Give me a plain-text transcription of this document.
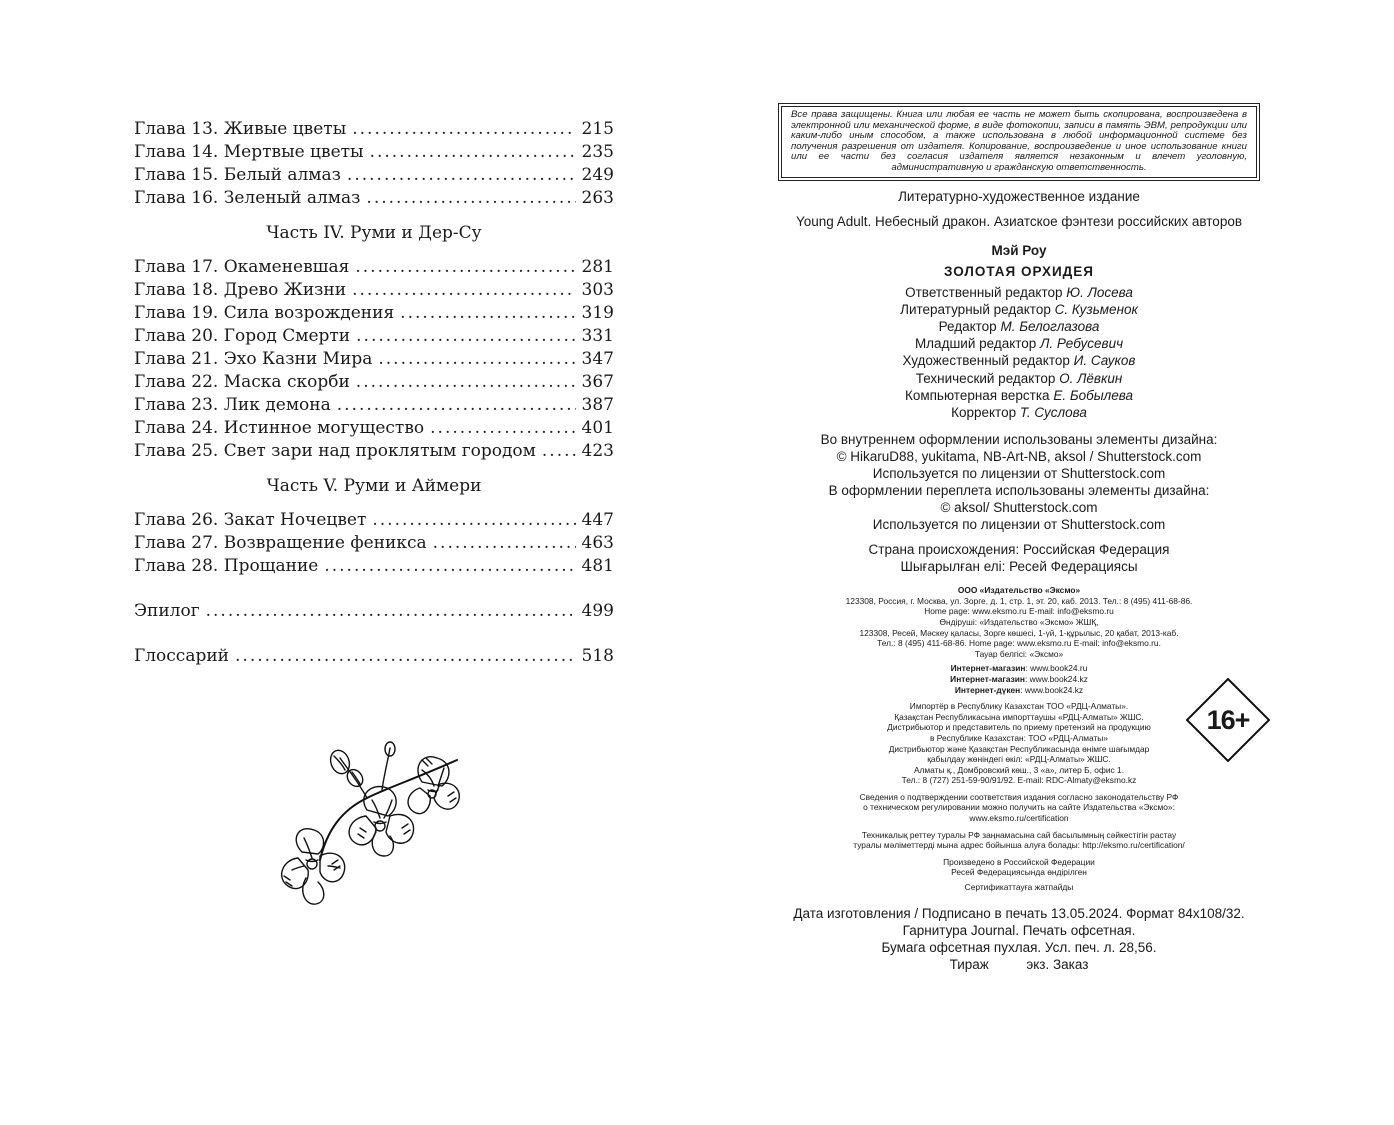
Глава 13. Живые цветы .....	215
Глава 14. Мертвые цветы .....	235
Глава 15. Белый алмаз .....	249
Глава 16. Зеленый алмаз .....	263
Часть IV. Руми и Дер-Су
Глава 17. Окаменевшая .....	281
Глава 18. Древо Жизни .....	303
Глава 19. Сила возрождения .....	319
Глава 20. Город Смерти .....	331
Глава 21. Эхо Казни Мира .....	347
Глава 22. Маска скорби .....	367
Глава 23. Лик демона .....	387
Глава 24. Истинное могущество .....	401
Глава 25. Свет зари над проклятым городом .....	423
Часть V. Руми и Аймери
Глава 26. Закат Ночецвет .....	447
Глава 27. Возвращение феникса .....	463
Глава 28. Прощание .....	481
Эпилог .....	499
Глоссарий .....	518
Все права защищены. Книга или любая ее часть не может быть скопирована, воспроизведена в электронной или механической форме, в виде фотокопии, записи в память ЭВМ, репродукции или каким-либо иным способом, а также использована в любой информационной системе без получения разрешения от издателя. Копирование, воспроизведение и иное использование книги или ее части без согласия издателя является незаконным и влечет уголовную, административную и гражданскую ответственность.
Литературно-художественное издание
Young Adult. Небесный дракон. Азиатское фэнтези российских авторов
Мэй Роу
ЗОЛОТАЯ ОРХИДЕЯ
Ответственный редактор Ю. Лосева
Литературный редактор С. Кузьменок
Редактор М. Белоглазова
Младший редактор Л. Ребусевич
Художественный редактор И. Сауков
Технический редактор О. Лёвкин
Компьютерная верстка Е. Бобылева
Корректор Т. Суслова
Во внутреннем оформлении использованы элементы дизайна:
© HikaruD88, yukitama, NB-Art-NB, aksol / Shutterstock.com
Используется по лицензии от Shutterstock.com
В оформлении переплета использованы элементы дизайна:
© aksol/ Shutterstock.com
Используется по лицензии от Shutterstock.com
Страна происхождения: Российская Федерация
Шығарылған елі: Ресей Федерациясы
ООО «Издательство «Эксмо»
123308, Россия, г. Москва, ул. Зорге, д. 1, стр. 1, эт. 20, каб. 2013. Тел.: 8 (495) 411-68-86.
Home page: www.eksmo.ru E-mail: info@eksmo.ru
Өндіруші: «Издательство «Эксмо» ЖШҚ,
123308, Ресей, Мәскеу қаласы, Зорге көшесі, 1-үй, 1-құрылыс, 20 қабат, 2013-каб.
Тел.: 8 (495) 411-68-86. Home page: www.eksmo.ru E-mail: info@eksmo.ru.
Тауар белгісі: «Эксмо»
Интернет-магазин: www.book24.ru
Интернет-магазин: www.book24.kz
Интернет-дүкен: www.book24.kz
Импортёр в Республику Казахстан ТОО «РДЦ-Алматы».
Қазақстан Республикасына импорттаушы «РДЦ-Алматы» ЖШС.
Дистрибьютор и представитель по приему претензий на продукцию
в Республике Казахстан: ТОО «РДЦ-Алматы»
Дистрибьютор және Қазақстан Республикасында өнімге шағымдар
қабылдау жөніндегі өкіл: «РДЦ-Алматы» ЖШС.
Алматы қ., Домбровский көш., 3 «а», литер Б, офис 1.
Тел.: 8 (727) 251-59-90/91/92. E-mail: RDC-Almaty@eksmo.kz
Сведения о подтверждении соответствия издания согласно законодательству РФ
о техническом регулировании можно получить на сайте Издательства «Эксмо»:
www.eksmo.ru/certification
Техникалық реттеу туралы РФ заңнамасына сай басылымның сәйкестігін растау
туралы мәліметтерді мына адрес бойынша алуға болады: http://eksmo.ru/certification/
Произведено в Российской Федерации
Ресей Федерациясында өндірілген
Сертификаттауға жатпайды
Дата изготовления / Подписано в печать 13.05.2024. Формат 84x108/32.
Гарнитура Journal. Печать офсетная.
Бумага офсетная пухлая. Усл. печ. л. 28,56.
Тираж          экз. Заказ
16+
